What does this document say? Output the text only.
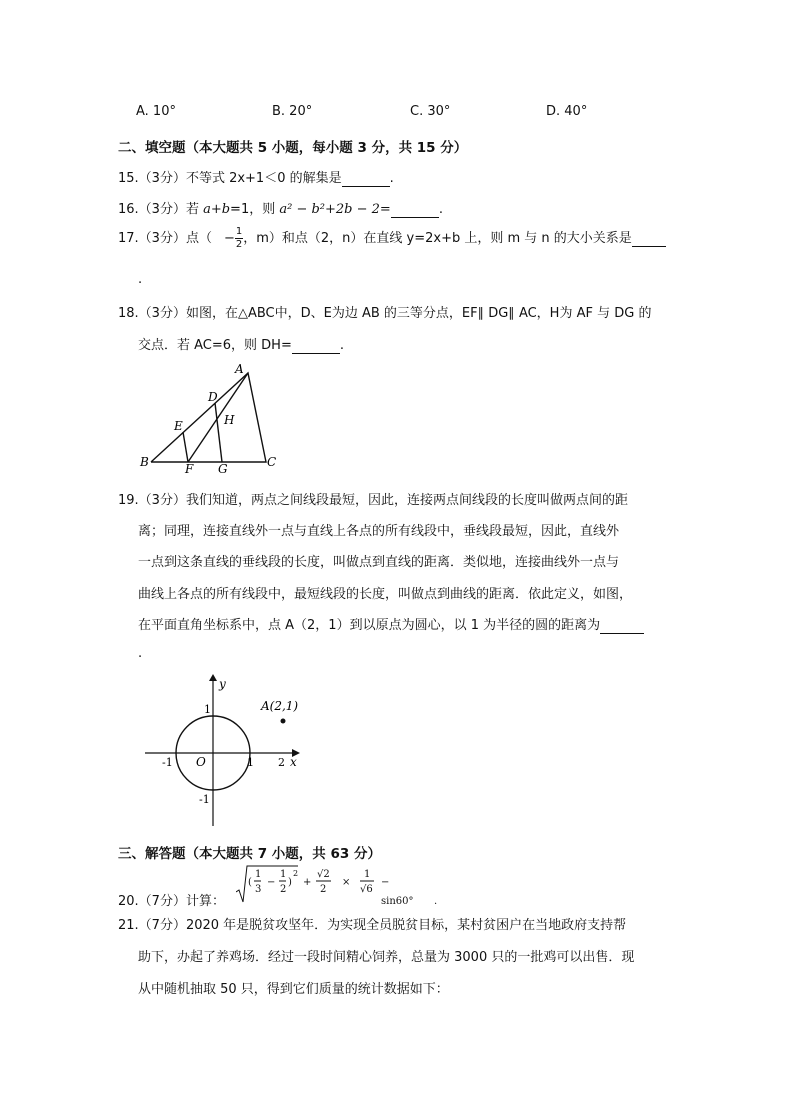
A. 10°	B. 20°	C. 30°	D. 40°
二、填空题（本大题共 5 小题，每小题 3 分，共 15 分）
15.（3分）不等式 2x+1＜0 的解集是	.
16.（3分）若 a+b=1，则 a² − b²+2b − 2=	.
17.（3分）点（ − $\frac{1}{2}$ ，m）和点（2，n）在直线 y=2x+b 上，则 m 与 n 的大小关系是
.
18.（3分）如图，在△ABC中，D、E为边 AB 的三等分点，EF∥ DG∥ AC，H为 AF 与 DG 的
交点．若 AC=6，则 DH=	.
A
B	C
D
E
F G
H
19.（3分）我们知道，两点之间线段最短，因此，连接两点间线段的长度叫做两点间的距
离；同理，连接直线外一点与直线上各点的所有线段中，垂线段最短，因此，直线外
一点到这条直线的垂线段的长度，叫做点到直线的距离．类似地，连接曲线外一点与
曲线上各点的所有线段中，最短线段的长度，叫做点到曲线的距离．依此定义，如图，
在平面直角坐标系中，点 A（2，1）到以原点为圆心，以 1 为半径的圆的距离为
.
y
x
O
A(2,1)
1
-1
1 2
-1
三、解答题（本大题共 7 小题，共 63 分）
20.（7分）计算：
(
1
3
−
1
2
)
2
+
√2
2
×
1
√6
−
sin60° .
21.（7分）2020 年是脱贫攻坚年．为实现全员脱贫目标，某村贫困户在当地政府支持帮
助下，办起了养鸡场．经过一段时间精心饲养，总量为 3000 只的一批鸡可以出售．现
从中随机抽取 50 只，得到它们质量的统计数据如下：
